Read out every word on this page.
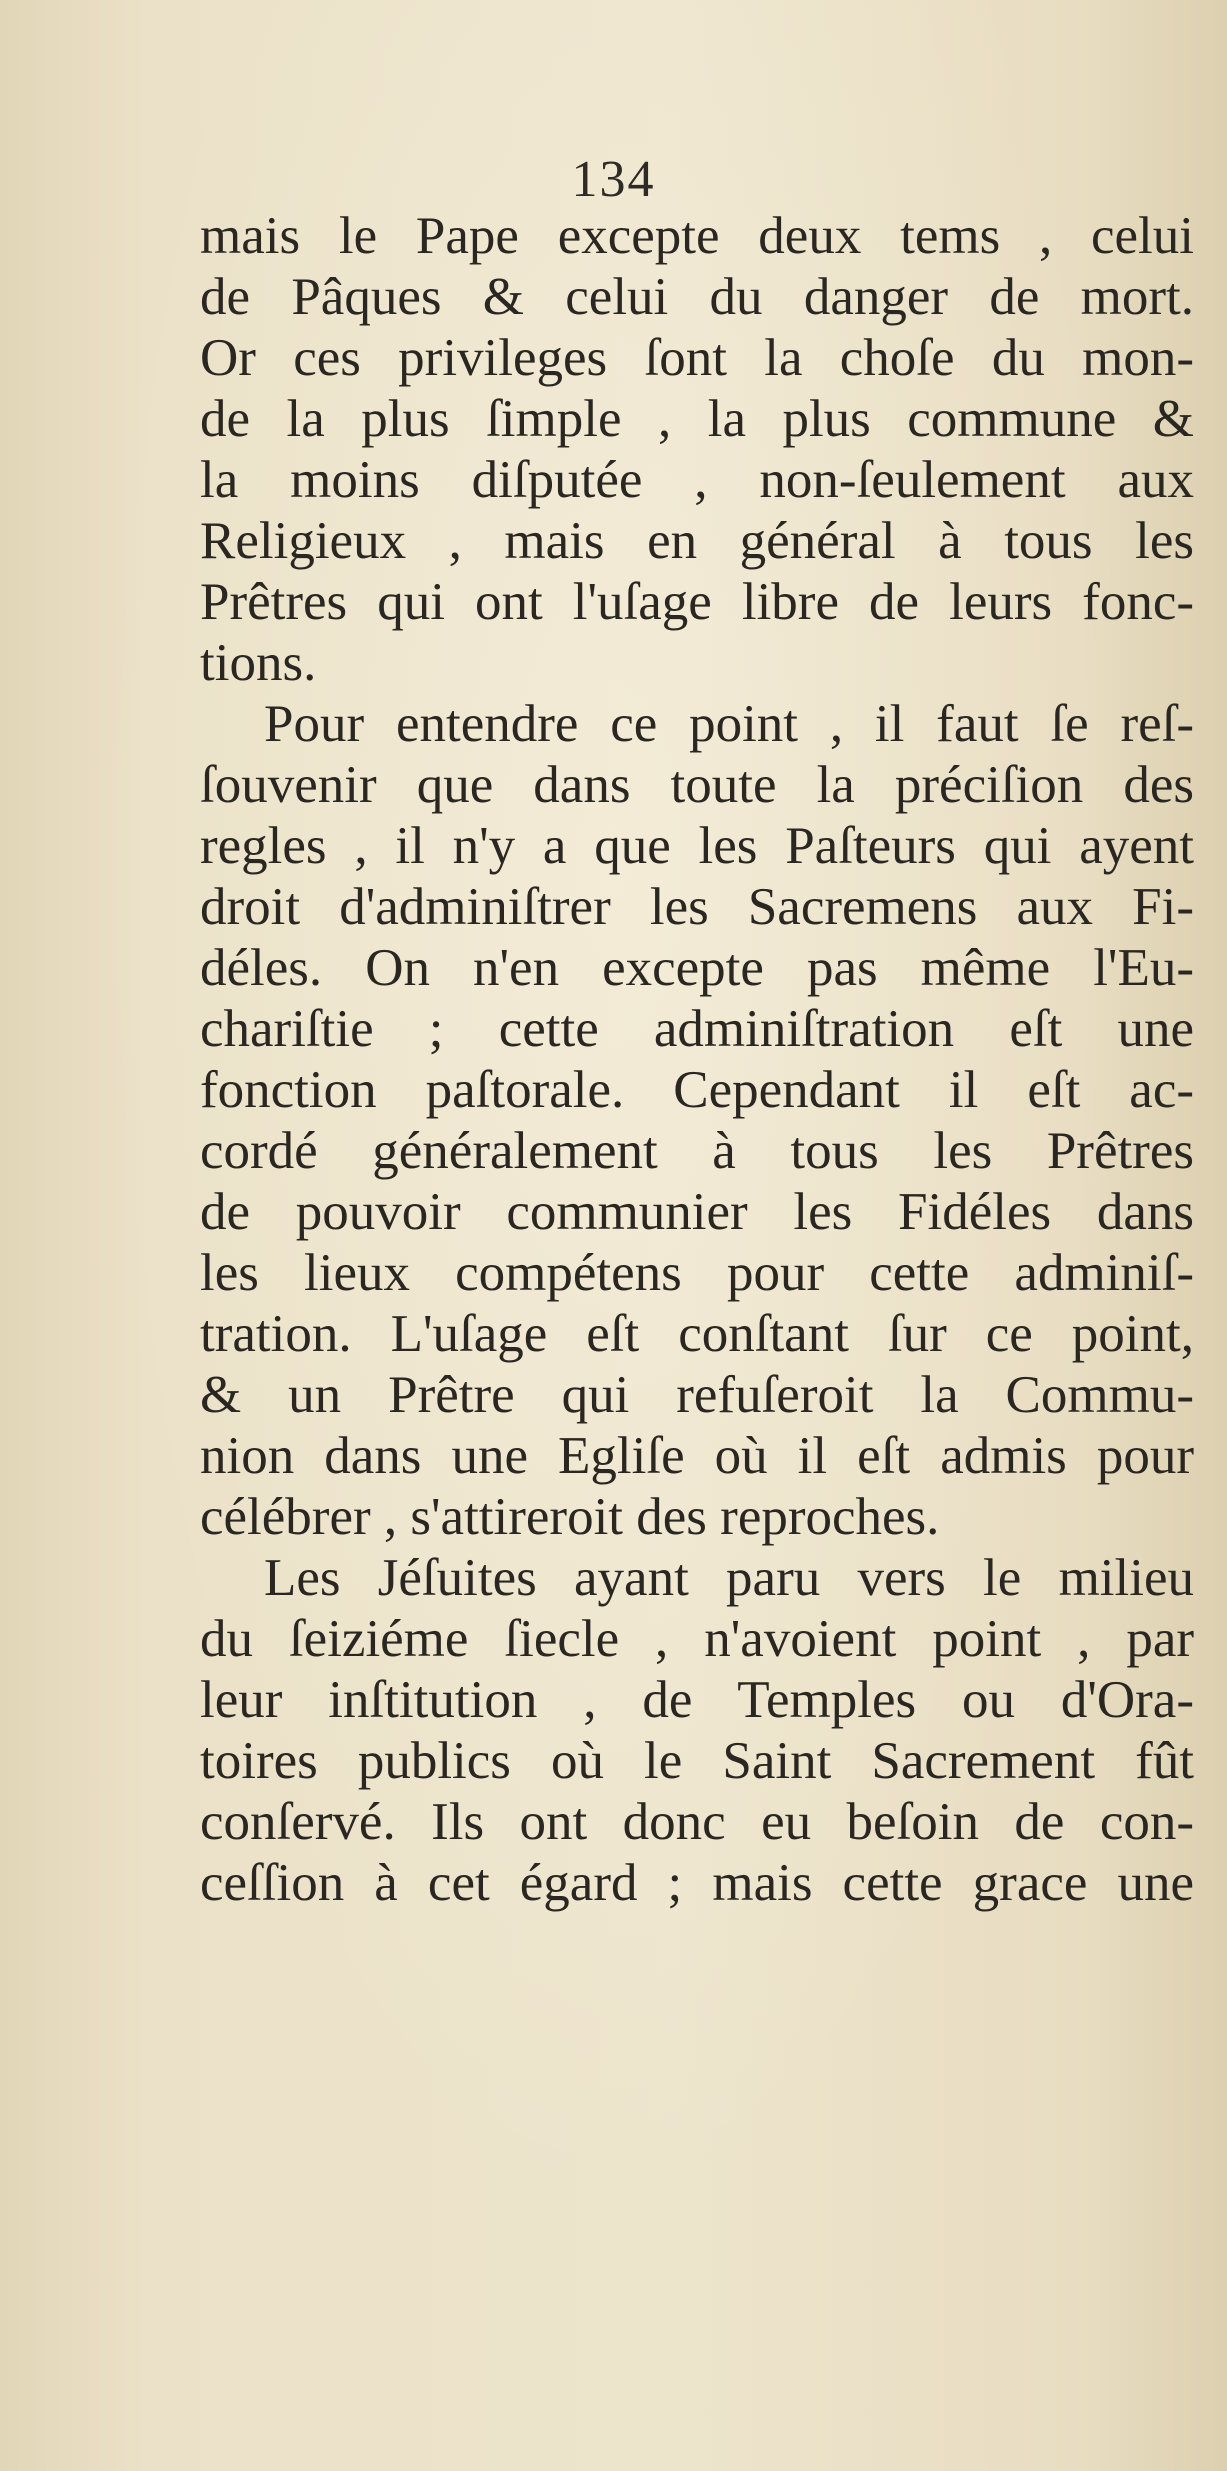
134
mais le Pape excepte deux tems , celui
de Pâques & celui du danger de mort.
Or ces privileges ſont la choſe du mon-
de la plus ſimple , la plus commune &
la moins diſputée , non-ſeulement aux
Religieux , mais en général à tous les
Prêtres qui ont l'uſage libre de leurs fonc-
tions.
Pour entendre ce point , il faut ſe reſ-
ſouvenir que dans toute la préciſion des
regles , il n'y a que les Paſteurs qui ayent
droit d'adminiſtrer les Sacremens aux Fi-
déles. On n'en excepte pas même l'Eu-
chariſtie ; cette adminiſtration eſt une
fonction paſtorale. Cependant il eſt ac-
cordé généralement à tous les Prêtres
de pouvoir communier les Fidéles dans
les lieux compétens pour cette adminiſ-
tration. L'uſage eſt conſtant ſur ce point,
& un Prêtre qui refuſeroit la Commu-
nion dans une Egliſe où il eſt admis pour
célébrer , s'attireroit des reproches.
Les Jéſuites ayant paru vers le milieu
du ſeiziéme ſiecle , n'avoient point , par
leur inſtitution , de Temples ou d'Ora-
toires publics où le Saint Sacrement fût
conſervé. Ils ont donc eu beſoin de con-
ceſſion à cet égard ; mais cette grace une
